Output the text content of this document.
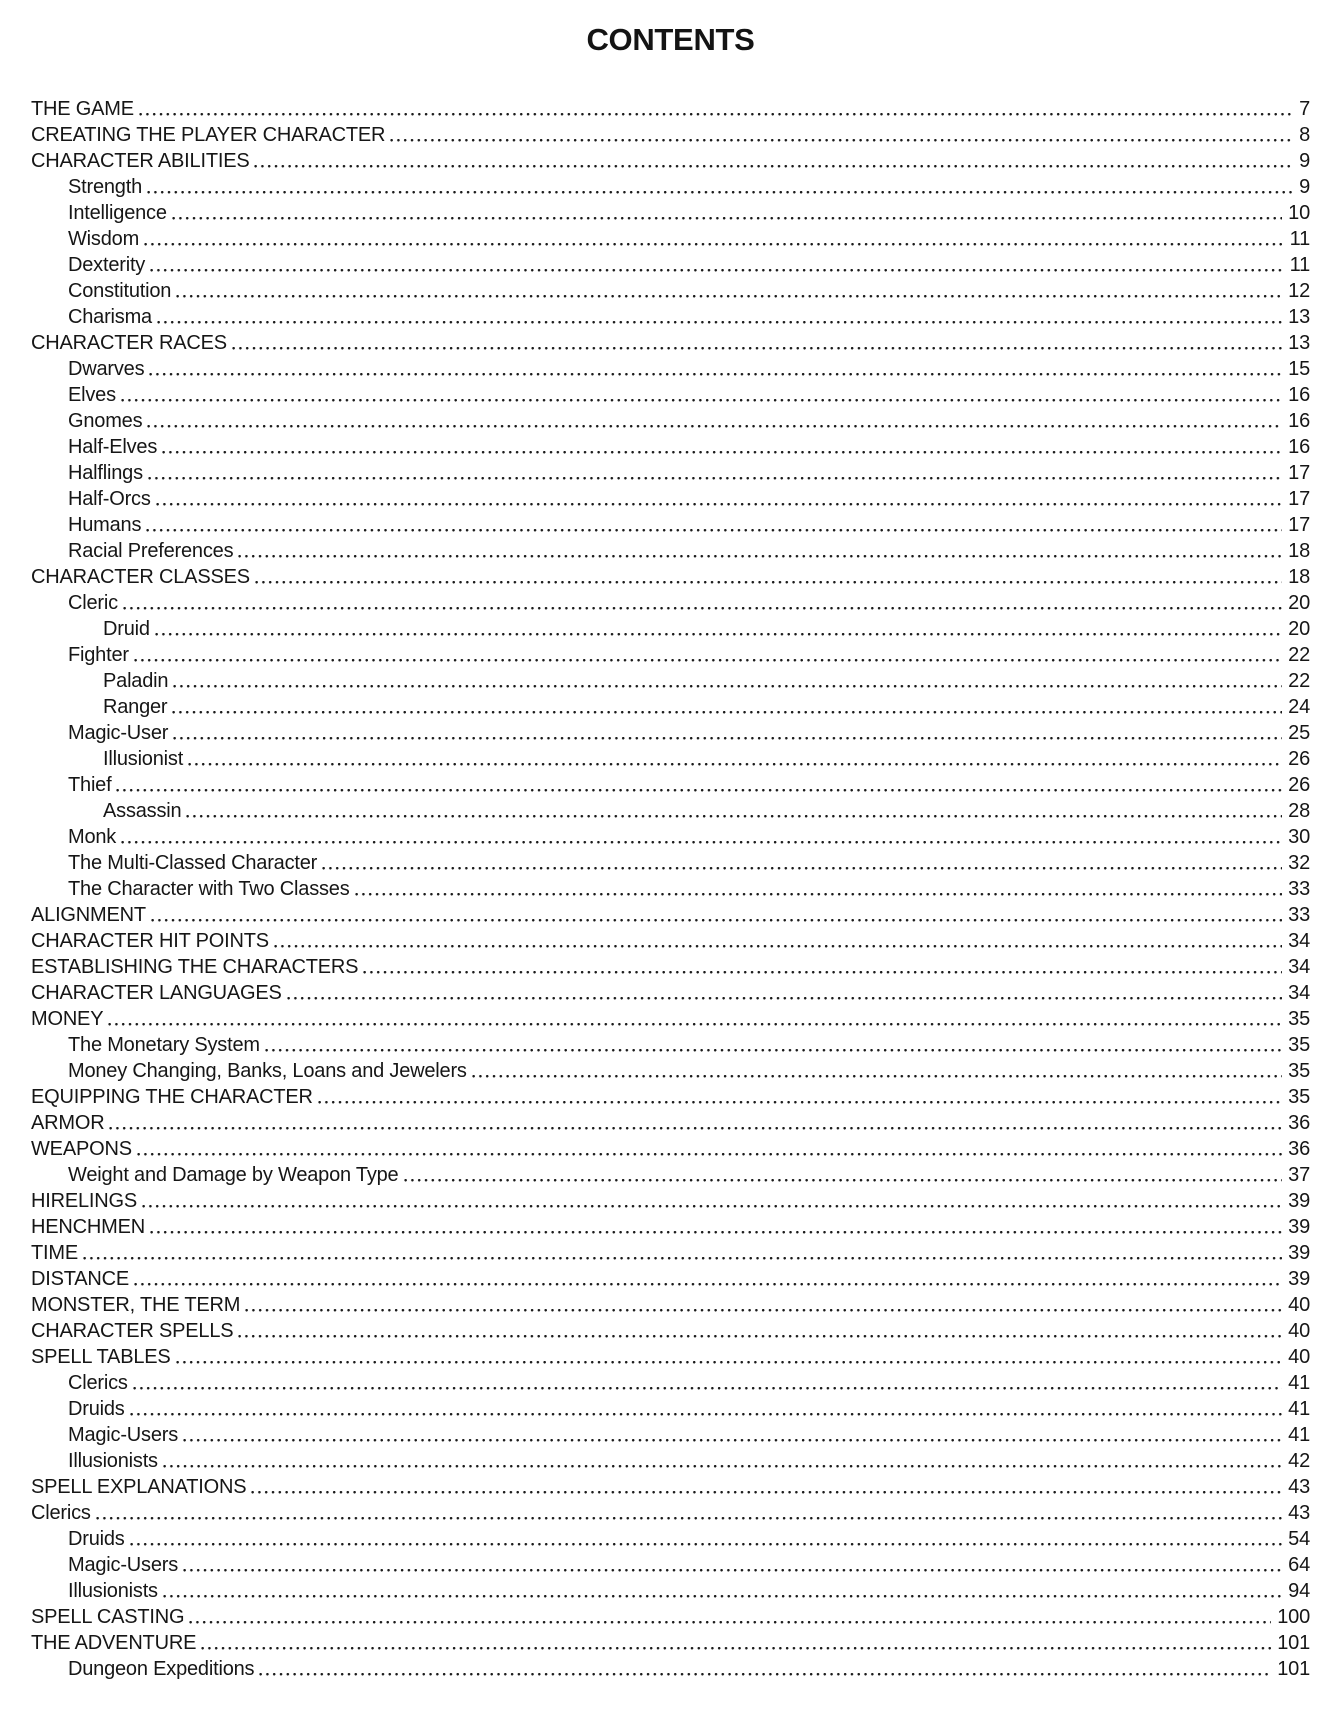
CONTENTS
THE GAME	7
CREATING THE PLAYER CHARACTER	8
CHARACTER ABILITIES	9
Strength	9
Intelligence	10
Wisdom	11
Dexterity	11
Constitution	12
Charisma	13
CHARACTER RACES	13
Dwarves	15
Elves	16
Gnomes	16
Half-Elves	16
Halflings	17
Half-Orcs	17
Humans	17
Racial Preferences	18
CHARACTER CLASSES	18
Cleric	20
Druid	20
Fighter	22
Paladin	22
Ranger	24
Magic-User	25
Illusionist	26
Thief	26
Assassin	28
Monk	30
The Multi-Classed Character	32
The Character with Two Classes	33
ALIGNMENT	33
CHARACTER HIT POINTS	34
ESTABLISHING THE CHARACTERS	34
CHARACTER LANGUAGES	34
MONEY	35
The Monetary System	35
Money Changing, Banks, Loans and Jewelers	35
EQUIPPING THE CHARACTER	35
ARMOR	36
WEAPONS	36
Weight and Damage by Weapon Type	37
HIRELINGS	39
HENCHMEN	39
TIME	39
DISTANCE	39
MONSTER, THE TERM	40
CHARACTER SPELLS	40
SPELL TABLES	40
Clerics	41
Druids	41
Magic-Users	41
Illusionists	42
SPELL EXPLANATIONS	43
Clerics	43
Druids	54
Magic-Users	64
Illusionists	94
SPELL CASTING	100
THE ADVENTURE	101
Dungeon Expeditions	101
